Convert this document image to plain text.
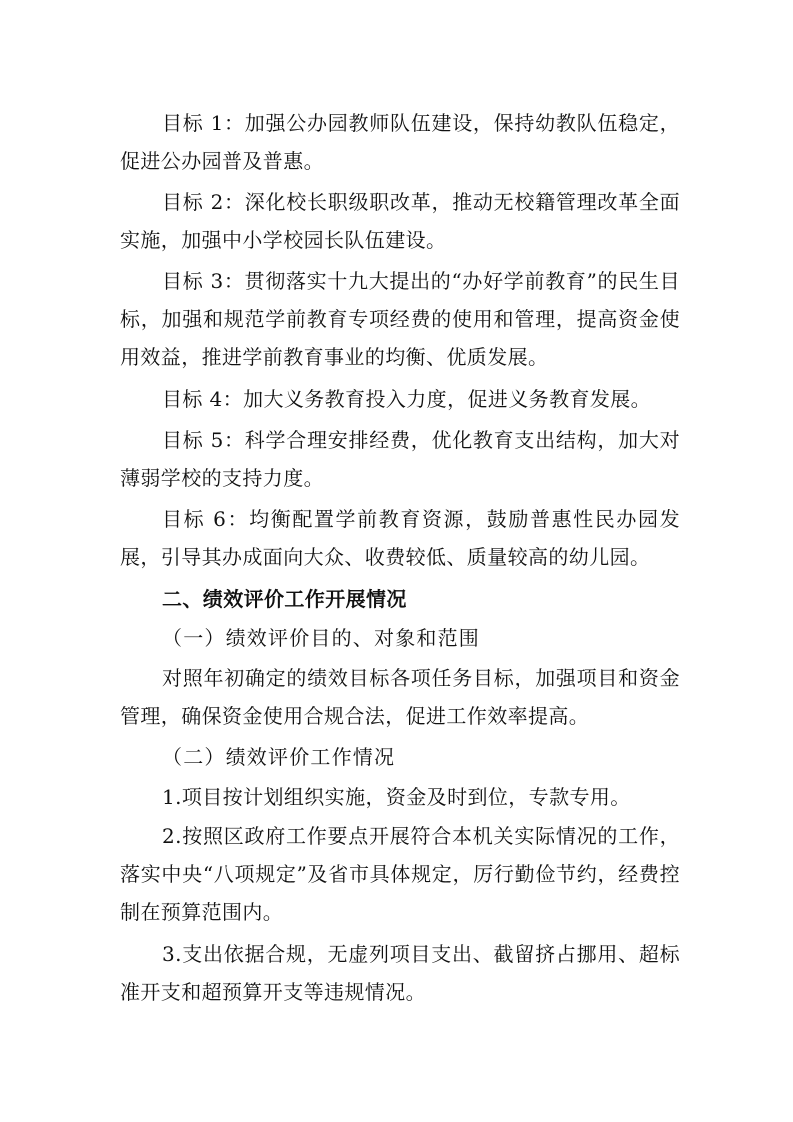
目标 1：加强公办园教师队伍建设，保持幼教队伍稳定，促进公办园普及普惠。

目标 2：深化校长职级职改革，推动无校籍管理改革全面实施，加强中小学校园长队伍建设。

目标 3：贯彻落实十九大提出的“办好学前教育”的民生目标，加强和规范学前教育专项经费的使用和管理，提高资金使用效益，推进学前教育事业的均衡、优质发展。

目标 4：加大义务教育投入力度，促进义务教育发展。

目标 5：科学合理安排经费，优化教育支出结构，加大对薄弱学校的支持力度。

目标 6：均衡配置学前教育资源，鼓励普惠性民办园发展，引导其办成面向大众、收费较低、质量较高的幼儿园。

二、绩效评价工作开展情况
（一）绩效评价目的、对象和范围

对照年初确定的绩效目标各项任务目标，加强项目和资金管理，确保资金使用合规合法，促进工作效率提高。

（二）绩效评价工作情况

1.项目按计划组织实施，资金及时到位，专款专用。

2.按照区政府工作要点开展符合本机关实际情况的工作，落实中央“八项规定”及省市具体规定，厉行勤俭节约，经费控制在预算范围内。

3.支出依据合规，无虚列项目支出、截留挤占挪用、超标准开支和超预算开支等违规情况。
